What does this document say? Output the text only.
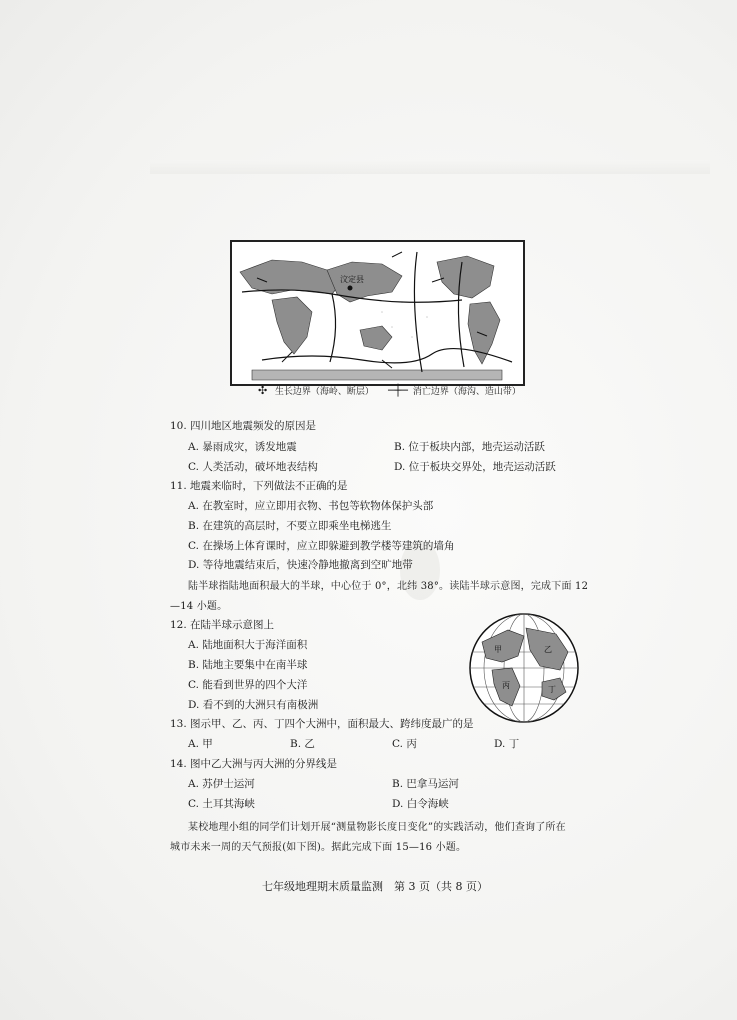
汶定县
✣ 生长边界（海岭、断层） ─┼─ 消亡边界（海沟、造山带）
10. 四川地区地震频发的原因是
A. 暴雨成灾，诱发地震	B. 位于板块内部，地壳运动活跃
C. 人类活动，破坏地表结构	D. 位于板块交界处，地壳运动活跃
11. 地震来临时，下列做法不正确的是
A. 在教室时，应立即用衣物、书包等软物体保护头部
B. 在建筑的高层时，不要立即乘坐电梯逃生
C. 在操场上体育课时，应立即躲避到教学楼等建筑的墙角
D. 等待地震结束后，快速冷静地撤离到空旷地带
陆半球指陆地面积最大的半球，中心位于 0°，北纬 38°。读陆半球示意图，完成下面 12
—14 小题。
12. 在陆半球示意图上
A. 陆地面积大于海洋面积
B. 陆地主要集中在南半球
C. 能看到世界的四个大洋
D. 看不到的大洲只有南极洲
甲	乙
丙	丁
13. 图示甲、乙、丙、丁四个大洲中，面积最大、跨纬度最广的是
A. 甲	B. 乙	C. 丙	D. 丁
14. 图中乙大洲与丙大洲的分界线是
A. 苏伊士运河	B. 巴拿马运河
C. 土耳其海峡	D. 白令海峡
某校地理小组的同学们计划开展“测量物影长度日变化”的实践活动，他们查询了所在
城市未来一周的天气预报(如下图)。据此完成下面 15—16 小题。
七年级地理期末质量监测　第 3 页（共 8 页）
